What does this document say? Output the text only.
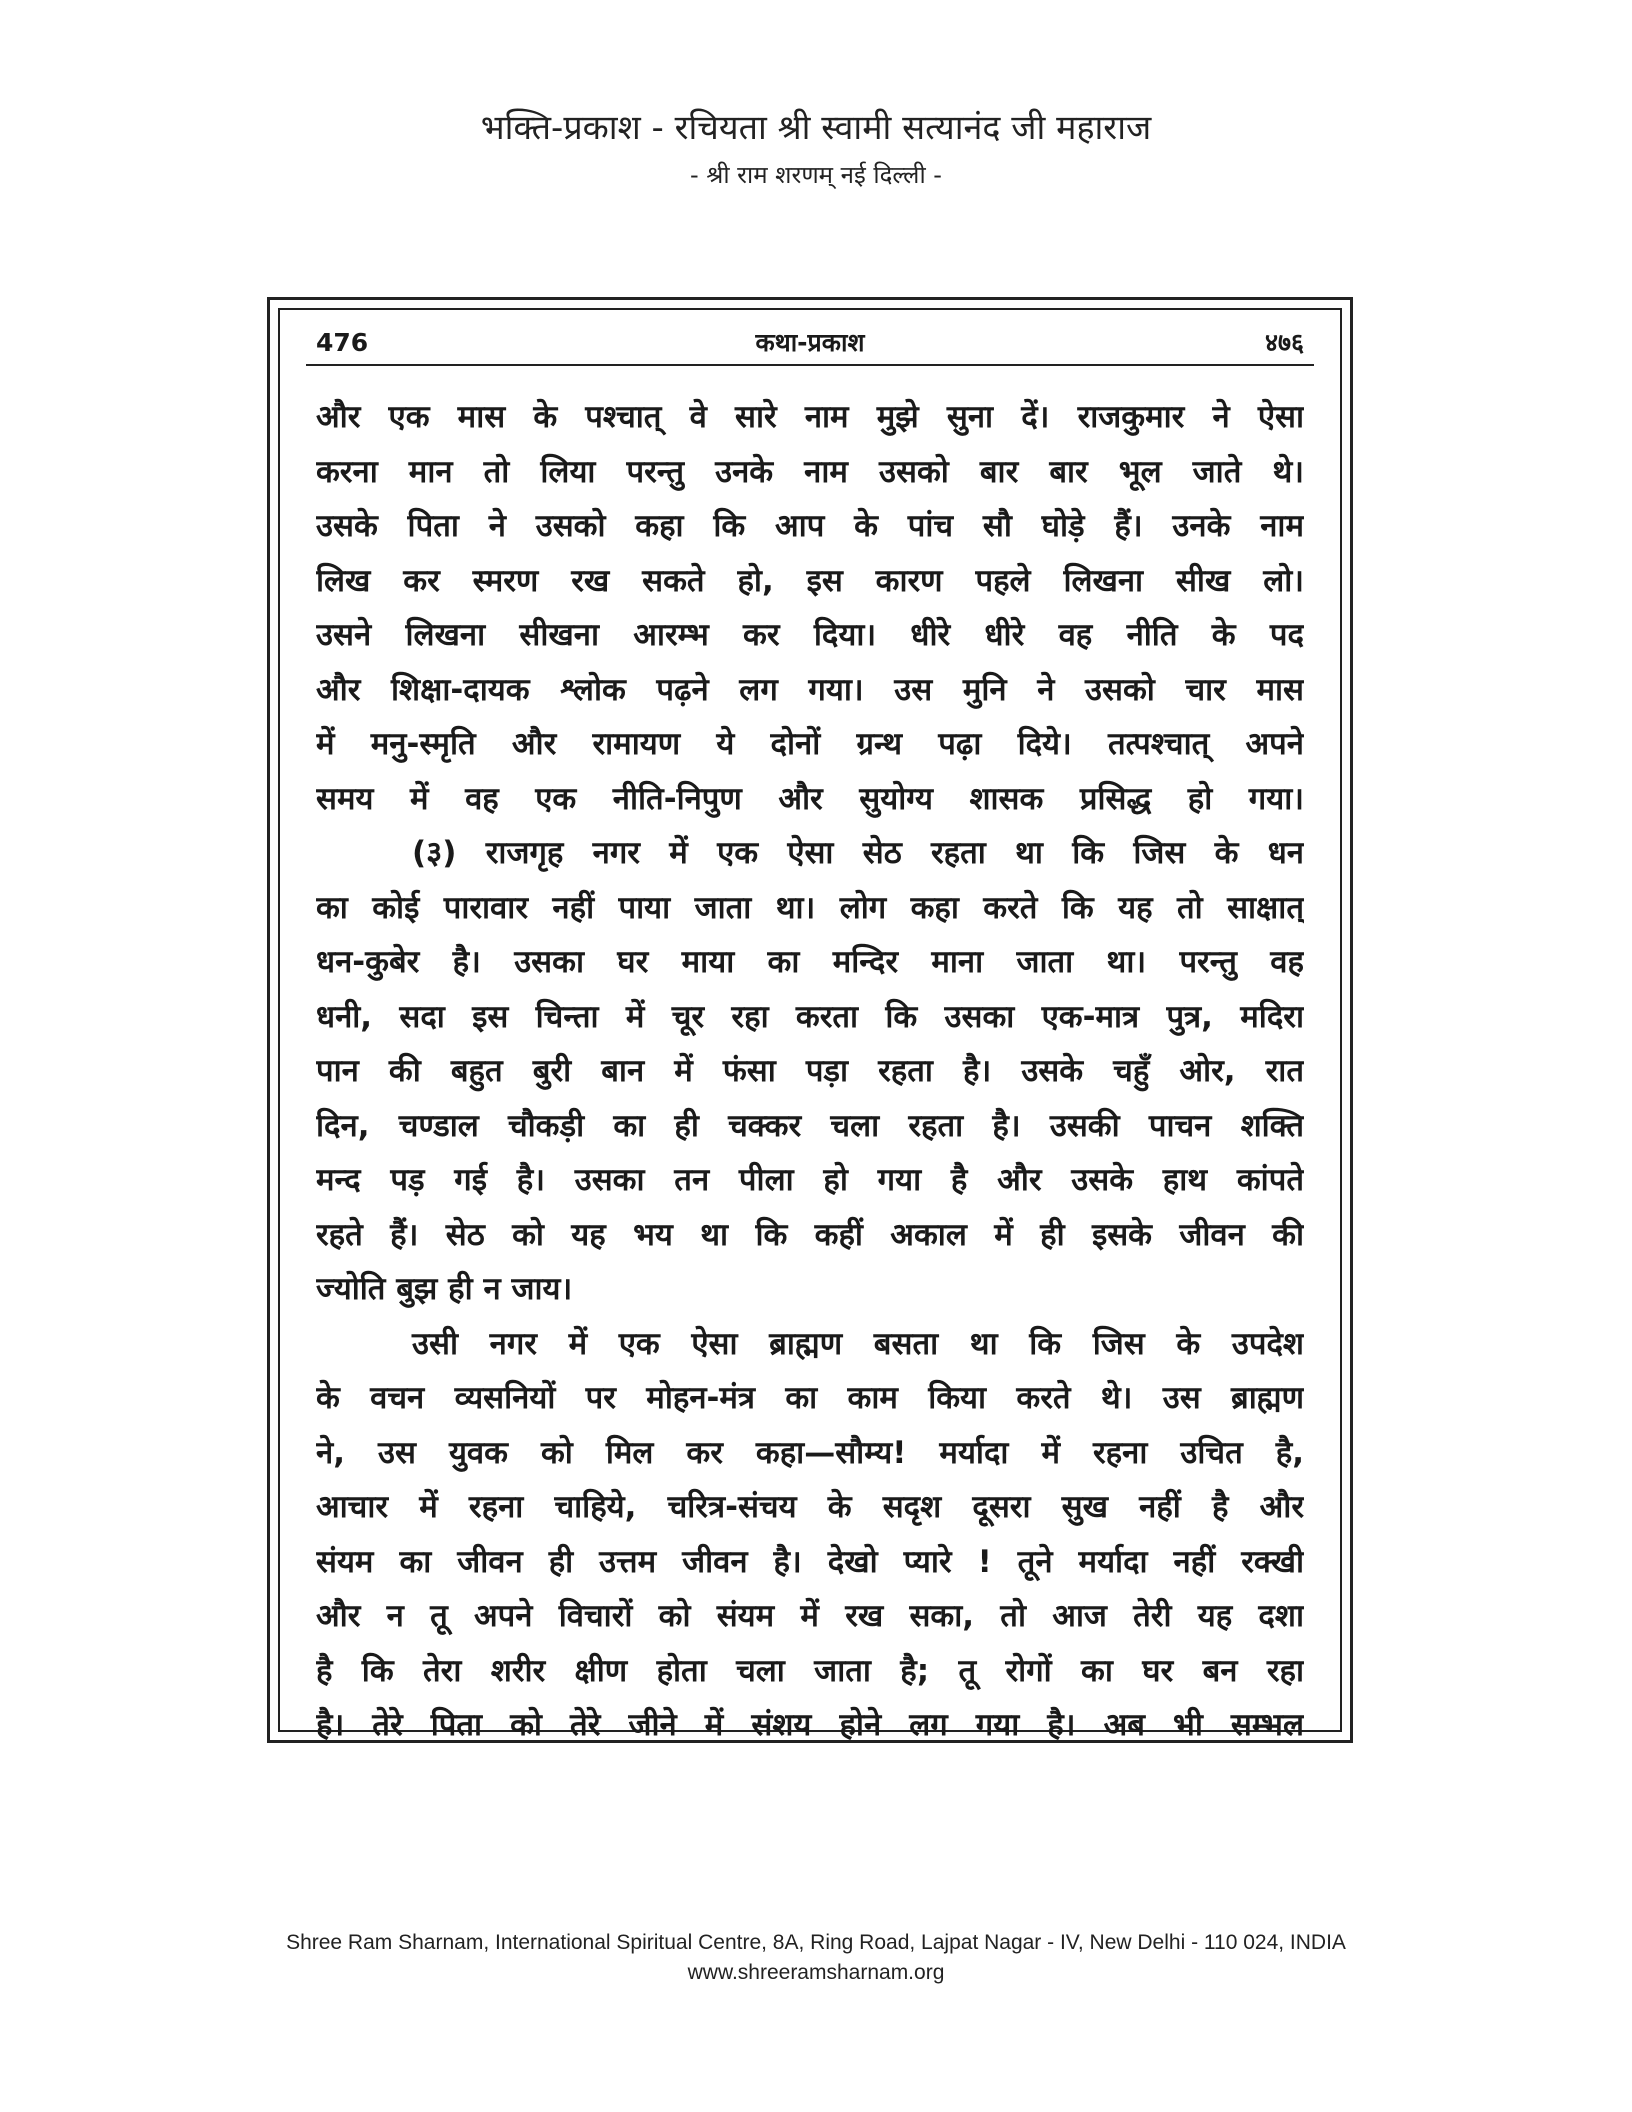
भक्ति-प्रकाश - रचियता श्री स्वामी सत्यानंद जी महाराज
- श्री राम शरणम् नई दिल्ली -
476	कथा-प्रकाश	४७६
और एक मास के पश्चात् वे सारे नाम मुझे सुना दें। राजकुमार ने ऐसा
करना मान तो लिया परन्तु उनके नाम उसको बार बार भूल जाते थे।
उसके पिता ने उसको कहा कि आप के पांच सौ घोड़े हैं। उनके नाम
लिख कर स्मरण रख सकते हो, इस कारण पहले लिखना सीख लो।
उसने लिखना सीखना आरम्भ कर दिया। धीरे धीरे वह नीति के पद
और शिक्षा-दायक श्लोक पढ़ने लग गया। उस मुनि ने उसको चार मास
में मनु-स्मृति और रामायण ये दोनों ग्रन्थ पढ़ा दिये। तत्पश्चात् अपने
समय में वह एक नीति-निपुण और सुयोग्य शासक प्रसिद्ध हो गया।
(३) राजगृह नगर में एक ऐसा सेठ रहता था कि जिस के धन
का कोई पारावार नहीं पाया जाता था। लोग कहा करते कि यह तो साक्षात्
धन-कुबेर है। उसका घर माया का मन्दिर माना जाता था। परन्तु वह
धनी, सदा इस चिन्ता में चूर रहा करता कि उसका एक-मात्र पुत्र, मदिरा
पान की बहुत बुरी बान में फंसा पड़ा रहता है। उसके चहुँ ओर, रात
दिन, चण्डाल चौकड़ी का ही चक्कर चला रहता है। उसकी पाचन शक्ति
मन्द पड़ गई है। उसका तन पीला हो गया है और उसके हाथ कांपते
रहते हैं। सेठ को यह भय था कि कहीं अकाल में ही इसके जीवन की
ज्योति बुझ ही न जाय।
उसी नगर में एक ऐसा ब्राह्मण बसता था कि जिस के उपदेश
के वचन व्यसनियों पर मोहन-मंत्र का काम किया करते थे। उस ब्राह्मण
ने, उस युवक को मिल कर कहा—सौम्य! मर्यादा में रहना उचित है,
आचार में रहना चाहिये, चरित्र-संचय के सदृश दूसरा सुख नहीं है और
संयम का जीवन ही उत्तम जीवन है। देखो प्यारे ! तूने मर्यादा नहीं रक्खी
और न तू अपने विचारों को संयम में रख सका, तो आज तेरी यह दशा
है कि तेरा शरीर क्षीण होता चला जाता है; तू रोगों का घर बन रहा
है। तेरे पिता को तेरे जीने में संशय होने लग गया है। अब भी सम्भल
Shree Ram Sharnam, International Spiritual Centre, 8A, Ring Road, Lajpat Nagar - IV, New Delhi - 110 024, INDIA
www.shreeramsharnam.org
